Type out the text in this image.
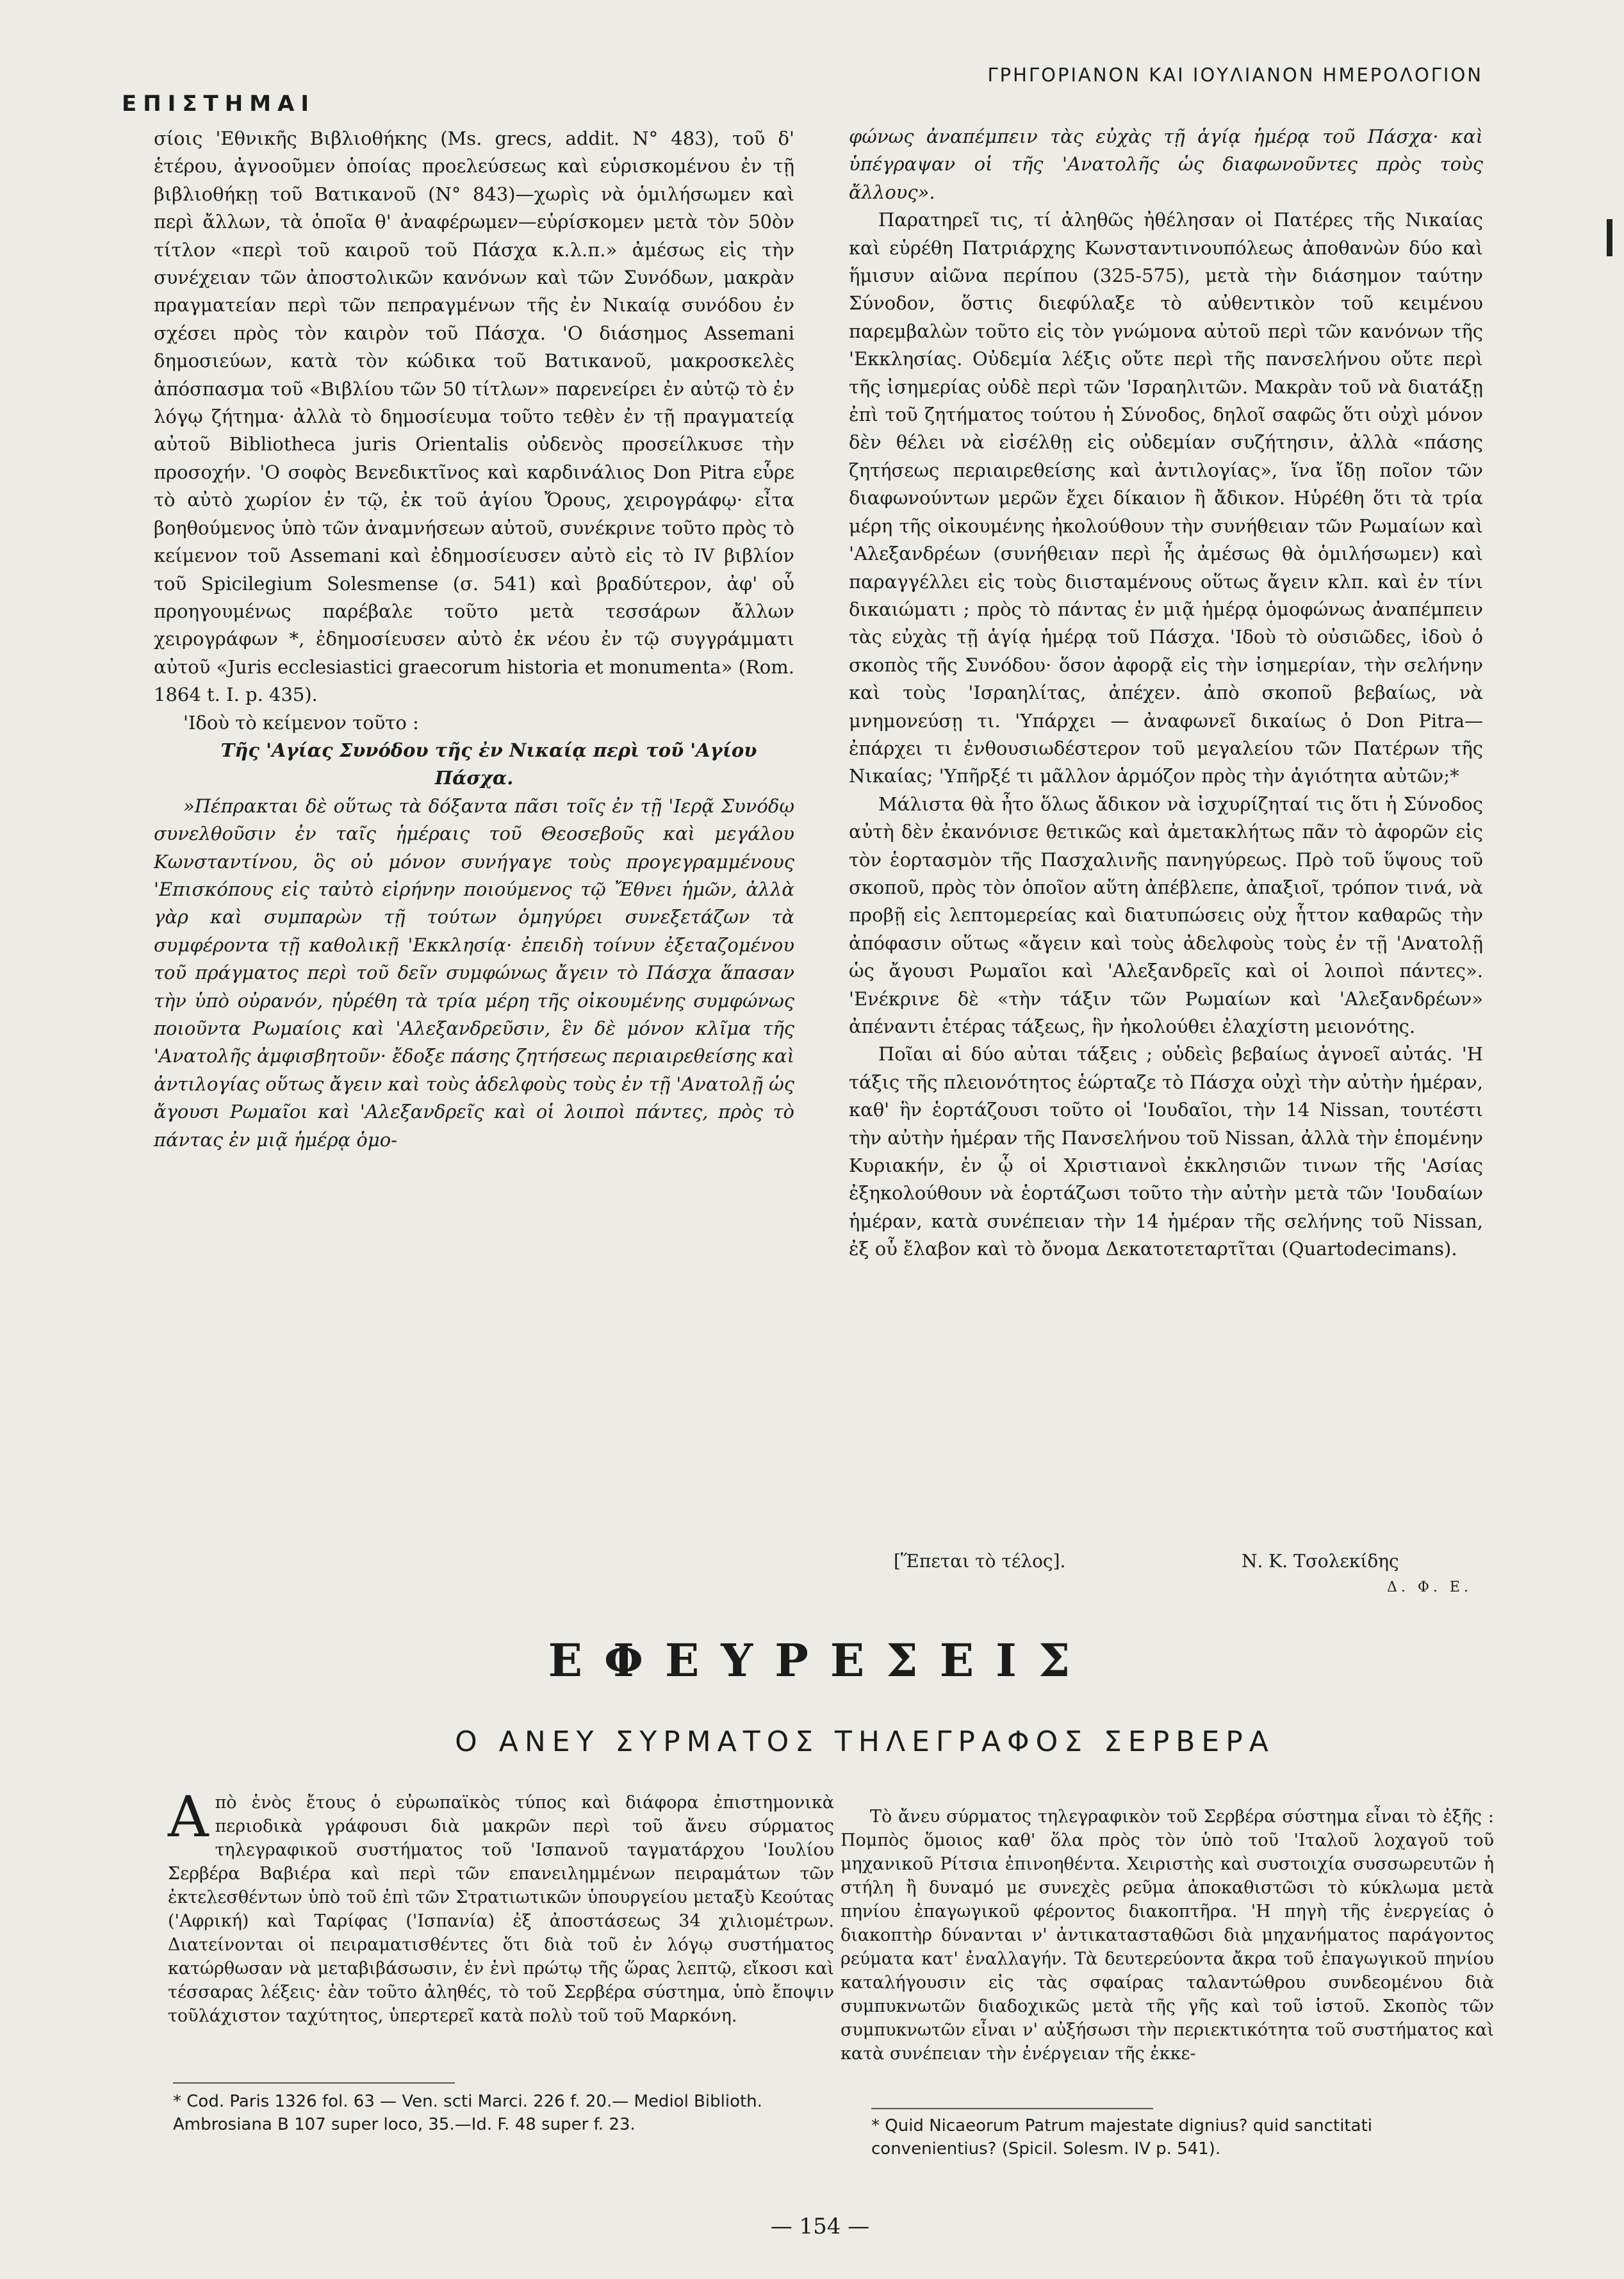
ΕΠΙΣΤΗΜΑΙ
ΓΡΗΓΟΡΙΑΝΟΝ ΚΑΙ ΙΟΥΛΙΑΝΟΝ ΗΜΕΡΟΛΟΓΙΟΝ

σίοις 'Εθνικῆς Βιβλιοθήκης (Ms. grecs, addit. N° 483), τοῦ δ' ἑτέρου, ἀγνοοῦμεν ὁποίας προελεύσεως καὶ εὑρισκομένου ἐν τῇ βιβλιοθήκῃ τοῦ Βατικανοῦ (N° 843)—χωρὶς νὰ ὁμιλήσωμεν καὶ περὶ ἄλλων, τὰ ὁποῖα θ' ἀναφέρωμεν—εὑρίσκομεν μετὰ τὸν 50ὸν τίτλον «περὶ τοῦ καιροῦ τοῦ Πάσχα κ.λ.π.» ἀμέσως εἰς τὴν συνέχειαν τῶν ἀποστολικῶν κανόνων καὶ τῶν Συνόδων, μακρὰν πραγματείαν περὶ τῶν πεπραγμένων τῆς ἐν Νικαίᾳ συνόδου ἐν σχέσει πρὸς τὸν καιρὸν τοῦ Πάσχα. 'Ο διάσημος Assemani δημοσιεύων, κατὰ τὸν κώδικα τοῦ Βατικανοῦ, μακροσκελὲς ἀπόσπασμα τοῦ «Βιβλίου τῶν 50 τίτλων» παρενείρει ἐν αὐτῷ τὸ ἐν λόγῳ ζήτημα· ἀλλὰ τὸ δημοσίευμα τοῦτο τεθὲν ἐν τῇ πραγματείᾳ αὐτοῦ Bibliotheca juris Orientalis οὐδενὸς προσείλκυσε τὴν προσοχήν. 'Ο σοφὸς Βενεδικτῖνος καὶ καρδινάλιος Don Pitra εὗρε τὸ αὐτὸ χωρίον ἐν τῷ, ἐκ τοῦ ἁγίου Ὄρους, χειρογράφῳ· εἶτα βοηθούμενος ὑπὸ τῶν ἀναμνήσεων αὐτοῦ, συνέκρινε τοῦτο πρὸς τὸ κείμενον τοῦ Assemani καὶ ἐδημοσίευσεν αὐτὸ εἰς τὸ IV βιβλίον τοῦ Spicilegium Solesmense (σ. 541) καὶ βραδύτερον, ἀφ' οὗ προηγουμένως παρέβαλε τοῦτο μετὰ τεσσάρων ἄλλων χειρογράφων *, ἐδημοσίευσεν αὐτὸ ἐκ νέου ἐν τῷ συγγράμματι αὐτοῦ «Juris ecclesiastici graecorum historia et monumenta» (Rom. 1864 t. I. p. 435).

'Ιδοὺ τὸ κείμενον τοῦτο :

Τῆς 'Αγίας Συνόδου τῆς ἐν Νικαίᾳ περὶ τοῦ 'Αγίου Πάσχα.

»Πέπρακται δὲ οὕτως τὰ δόξαντα πᾶσι τοῖς ἐν τῇ 'Ιερᾷ Συνόδῳ συνελθοῦσιν ἐν ταῖς ἡμέραις τοῦ Θεοσεβοῦς καὶ μεγάλου Κωνσταντίνου, ὃς οὐ μόνον συνήγαγε τοὺς προγεγραμμένους 'Επισκόπους εἰς ταὐτὸ εἰρήνην ποιούμενος τῷ Ἔθνει ἡμῶν, ἀλλὰ γὰρ καὶ συμπαρὼν τῇ τούτων ὁμηγύρει συνεξετάζων τὰ συμφέροντα τῇ καθολικῇ 'Εκκλησίᾳ· ἐπειδὴ τοίνυν ἐξεταζομένου τοῦ πράγματος περὶ τοῦ δεῖν συμφώνως ἄγειν τὸ Πάσχα ἅπασαν τὴν ὑπὸ οὐρανόν, ηὑρέθη τὰ τρία μέρη τῆς οἰκουμένης συμφώνως ποιοῦντα Ρωμαίοις καὶ 'Αλεξανδρεῦσιν, ἓν δὲ μόνον κλῖμα τῆς 'Ανατολῆς ἀμφισβητοῦν· ἔδοξε πάσης ζητήσεως περιαιρεθείσης καὶ ἀντιλογίας οὕτως ἄγειν καὶ τοὺς ἀδελφοὺς τοὺς ἐν τῇ 'Ανατολῇ ὡς ἄγουσι Ρωμαῖοι καὶ 'Αλεξανδρεῖς καὶ οἱ λοιποὶ πάντες, πρὸς τὸ πάντας ἐν μιᾷ ἡμέρᾳ ὁμο-

φώνως ἀναπέμπειν τὰς εὐχὰς τῇ ἁγίᾳ ἡμέρᾳ τοῦ Πάσχα· καὶ ὑπέγραψαν οἱ τῆς 'Ανατολῆς ὡς διαφωνοῦντες πρὸς τοὺς ἄλλους».

Παρατηρεῖ τις, τί ἀληθῶς ἠθέλησαν οἱ Πατέρες τῆς Νικαίας καὶ εὑρέθη Πατριάρχης Κωνσταντινουπόλεως ἀποθανὼν δύο καὶ ἥμισυν αἰῶνα περίπου (325-575), μετὰ τὴν διάσημον ταύτην Σύνοδον, ὅστις διεφύλαξε τὸ αὐθεντικὸν τοῦ κειμένου παρεμβαλὼν τοῦτο εἰς τὸν γνώμονα αὐτοῦ περὶ τῶν κανόνων τῆς 'Εκκλησίας. Οὐδεμία λέξις οὔτε περὶ τῆς πανσελήνου οὔτε περὶ τῆς ἰσημερίας οὐδὲ περὶ τῶν 'Ισραηλιτῶν. Μακρὰν τοῦ νὰ διατάξῃ ἐπὶ τοῦ ζητήματος τούτου ἡ Σύνοδος, δηλοῖ σαφῶς ὅτι οὐχὶ μόνον δὲν θέλει νὰ εἰσέλθῃ εἰς οὐδεμίαν συζήτησιν, ἀλλὰ «πάσης ζητήσεως περιαιρεθείσης καὶ ἀντιλογίας», ἵνα ἴδῃ ποῖον τῶν διαφωνούντων μερῶν ἔχει δίκαιον ἢ ἄδικον. Ηὑρέθη ὅτι τὰ τρία μέρη τῆς οἰκουμένης ἠκολούθουν τὴν συνήθειαν τῶν Ρωμαίων καὶ 'Αλεξανδρέων (συνήθειαν περὶ ἧς ἀμέσως θὰ ὁμιλήσωμεν) καὶ παραγγέλλει εἰς τοὺς διισταμένους οὕτως ἄγειν κλπ. καὶ ἐν τίνι δικαιώματι ; πρὸς τὸ πάντας ἐν μιᾷ ἡμέρᾳ ὁμοφώνως ἀναπέμπειν τὰς εὐχὰς τῇ ἁγίᾳ ἡμέρᾳ τοῦ Πάσχα. 'Ιδοὺ τὸ οὐσιῶδες, ἰδοὺ ὁ σκοπὸς τῆς Συνόδου· ὅσον ἀφορᾷ εἰς τὴν ἰσημερίαν, τὴν σελήνην καὶ τοὺς 'Ισραηλίτας, ἀπέχεν. ἀπὸ σκοποῦ βεβαίως, νὰ μνημονεύσῃ τι. 'Υπάρχει — ἀναφωνεῖ δικαίως ὁ Don Pitra—ἐπάρχει τι ἐνθουσιωδέστερον τοῦ μεγαλείου τῶν Πατέρων τῆς Νικαίας; 'Υπῆρξέ τι μᾶλλον ἁρμόζον πρὸς τὴν ἁγιότητα αὐτῶν;*

Μάλιστα θὰ ἦτο ὅλως ἄδικον νὰ ἰσχυρίζηταί τις ὅτι ἡ Σύνοδος αὐτὴ δὲν ἐκανόνισε θετικῶς καὶ ἀμετακλήτως πᾶν τὸ ἀφορῶν εἰς τὸν ἑορτασμὸν τῆς Πασχαλινῆς πανηγύρεως. Πρὸ τοῦ ὕψους τοῦ σκοποῦ, πρὸς τὸν ὁποῖον αὕτη ἀπέβλεπε, ἀπαξιοῖ, τρόπον τινά, νὰ προβῇ εἰς λεπτομερείας καὶ διατυπώσεις οὐχ ἧττον καθαρῶς τὴν ἀπόφασιν οὕτως «ἄγειν καὶ τοὺς ἀδελφοὺς τοὺς ἐν τῇ 'Ανατολῇ ὡς ἄγουσι Ρωμαῖοι καὶ 'Αλεξανδρεῖς καὶ οἱ λοιποὶ πάντες». 'Ενέκρινε δὲ «τὴν τάξιν τῶν Ρωμαίων καὶ 'Αλεξανδρέων» ἀπέναντι ἑτέρας τάξεως, ἣν ἠκολούθει ἐλαχίστη μειονότης.

Ποῖαι αἱ δύο αὐται τάξεις ; οὐδεὶς βεβαίως ἀγνοεῖ αὐτάς. 'Η τάξις τῆς πλειονότητος ἑώρταζε τὸ Πάσχα οὐχὶ τὴν αὐτὴν ἡμέραν, καθ' ἣν ἑορτάζουσι τοῦτο οἱ 'Ιουδαῖοι, τὴν 14 Nissan, τουτέστι τὴν αὐτὴν ἡμέραν τῆς Πανσελήνου τοῦ Nissan, ἀλλὰ τὴν ἑπομένην Κυριακήν, ἐν ᾧ οἱ Χριστιανοὶ ἐκκλησιῶν τινων τῆς 'Ασίας ἐξηκολούθουν νὰ ἑορτάζωσι τοῦτο τὴν αὐτὴν μετὰ τῶν 'Ιουδαίων ἡμέραν, κατὰ συνέπειαν τὴν 14 ἡμέραν τῆς σελήνης τοῦ Nissan, ἐξ οὗ ἔλαβον καὶ τὸ ὄνομα Δεκατοτεταρτῖται (Quartodecimans).

[Ἕπεται τὸ τέλος].	Ν. Κ. Τσολεκίδης
Δ. Φ. Ε.
ΕΦΕΥΡΕΣΕΙΣ
Ο ΑΝΕΥ ΣΥΡΜΑΤΟΣ ΤΗΛΕΓΡΑΦΟΣ ΣΕΡΒΕΡΑ
Α πὸ ἑνὸς ἔτους ὁ εὐρωπαϊκὸς τύπος καὶ διάφορα ἐπιστημονικὰ περιοδικὰ γράφουσι διὰ μακρῶν περὶ τοῦ ἄνευ σύρματος τηλεγραφικοῦ συστήματος τοῦ 'Ισπανοῦ ταγματάρχου 'Ιουλίου Σερβέρα Βαβιέρα καὶ περὶ τῶν επανειλημμένων πειραμάτων τῶν ἐκτελεσθέντων ὑπὸ τοῦ ἐπὶ τῶν Στρατιωτικῶν ὑπουργείου μεταξὺ Κεούτας ('Αφρική) καὶ Ταρίφας ('Ισπανία) ἐξ ἀποστάσεως 34 χιλιομέτρων. Διατείνονται οἱ πειραματισθέντες ὅτι διὰ τοῦ ἐν λόγῳ συστήματος κατώρθωσαν νὰ μεταβιβάσωσιν, ἐν ἑνὶ πρώτῳ τῆς ὥρας λεπτῷ, εἴκοσι καὶ τέσσαρας λέξεις· ἐὰν τοῦτο ἀληθές, τὸ τοῦ Σερβέρα σύστημα, ὑπὸ ἔποψιν τοῦλάχιστον ταχύτητος, ὑπερτερεῖ κατὰ πολὺ τοῦ τοῦ Μαρκόνη.

Τὸ ἄνευ σύρματος τηλεγραφικὸν τοῦ Σερβέρα σύστημα εἶναι τὸ ἑξῆς : Πομπὸς ὅμοιος καθ' ὅλα πρὸς τὸν ὑπὸ τοῦ 'Ιταλοῦ λοχαγοῦ τοῦ μηχανικοῦ Ρίτσια ἐπινοηθέντα. Χειριστὴς καὶ συστοιχία συσσωρευτῶν ἡ στήλη ἢ δυναμό με συνεχὲς ρεῦμα ἀποκαθιστῶσι τὸ κύκλωμα μετὰ πηνίου ἐπαγωγικοῦ φέροντος διακοπτῆρα. 'Η πηγὴ τῆς ἐνεργείας ὁ διακοπτὴρ δύνανται ν' ἀντικατασταθῶσι διὰ μηχανήματος παράγοντος ρεύματα κατ' ἐναλλαγήν. Τὰ δευτερεύοντα ἄκρα τοῦ ἐπαγωγικοῦ πηνίου καταλήγουσιν εἰς τὰς σφαίρας ταλαντώθρου συνδεομένου διὰ συμπυκνωτῶν διαδοχικῶς μετὰ τῆς γῆς καὶ τοῦ ἱστοῦ. Σκοπὸς τῶν συμπυκνωτῶν εἶναι ν' αὐξήσωσι τὴν περιεκτικότητα τοῦ συστήματος καὶ κατὰ συνέπειαν τὴν ἐνέργειαν τῆς ἐκκε-

* Cod. Paris 1326 fol. 63 — Ven. scti Marci. 226 f. 20.— Mediol Biblioth. Ambrosiana B 107 super loco, 35.—Id. F. 48 super f. 23.	* Quid Nicaeorum Patrum majestate dignius? quid sanctitati convenientius? (Spicil. Solesm. IV p. 541).
— 154 —
